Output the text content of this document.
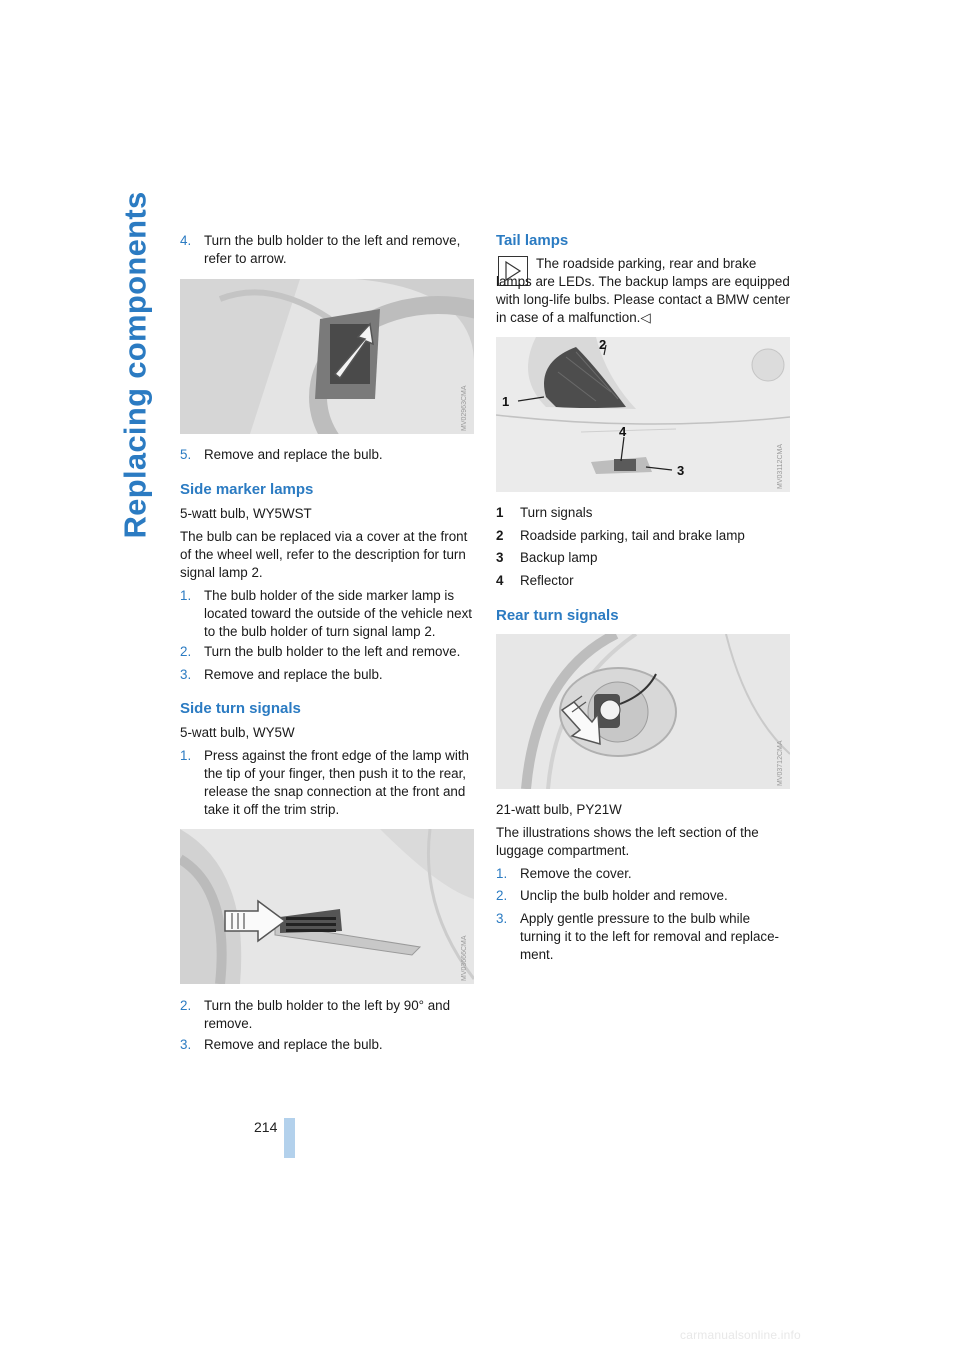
Replacing components
214
4. Turn the bulb holder to the left and remove, refer to arrow.
MV02963CMA
5. Remove and replace the bulb.
Side marker lamps

5-watt bulb, WY5WST

The bulb can be replaced via a cover at the front of the wheel well, refer to the description for turn signal lamp 2.

1. The bulb holder of the side marker lamp is located toward the outside of the vehicle next to the bulb holder of turn signal lamp 2.
2. Turn the bulb holder to the left and remove.
3. Remove and replace the bulb.
Side turn signals

5-watt bulb, WY5W

1. Press against the front edge of the lamp with the tip of your finger, then push it to the rear, release the snap connection at the front and take it off the trim strip.
MV03666CMA
2. Turn the bulb holder to the left by 90° and remove.
3. Remove and replace the bulb.
Tail lamps
The roadside parking, rear and brake lamps are LEDs. The backup lamps are equipped with long-life bulbs. Please contact a BMW center in case of a malfunction.◁
1
2
3
4
MV03112CMA
1 Turn signals
2 Roadside parking, tail and brake lamp
3 Backup lamp
4 Reflector
Rear turn signals
MV03712CMA

21-watt bulb, PY21W

The illustrations shows the left section of the luggage compartment.

1. Remove the cover.
2. Unclip the bulb holder and remove.
3. Apply gentle pressure to the bulb while turning it to the left for removal and replace-ment.
carmanualsonline.info
